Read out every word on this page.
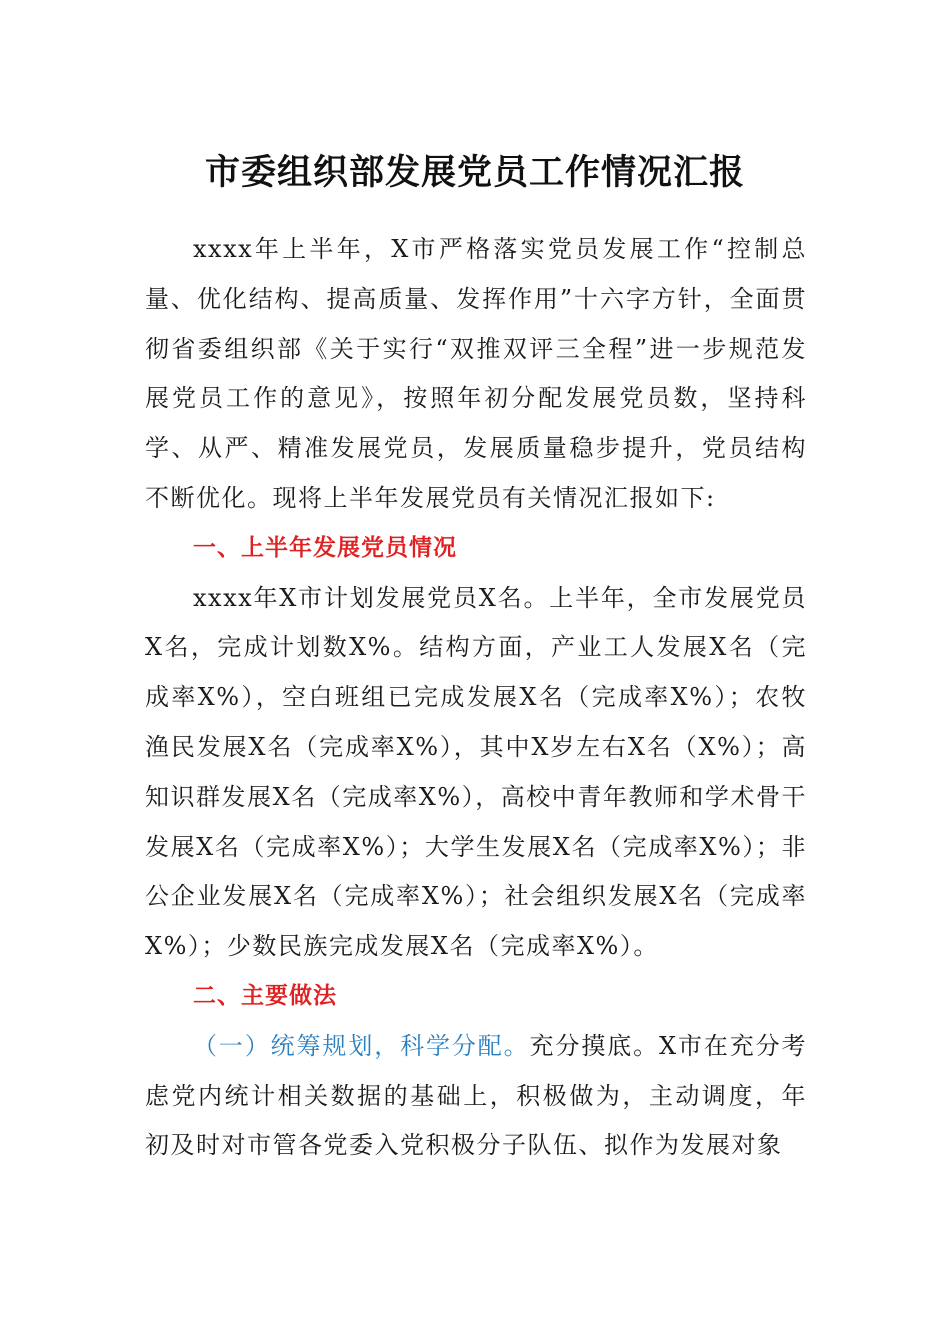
市委组织部发展党员工作情况汇报

xxxx年上半年，X市严格落实党员发展工作“控制总量、优化结构、提高质量、发挥作用”十六字方针，全面贯彻省委组织部《关于实行“双推双评三全程”进一步规范发展党员工作的意见》，按照年初分配发展党员数，坚持科学、从严、精准发展党员，发展质量稳步提升，党员结构不断优化。现将上半年发展党员有关情况汇报如下:

一、上半年发展党员情况

xxxx年X市计划发展党员X名。上半年，全市发展党员X名，完成计划数X%。结构方面，产业工人发展X名（完成率X%），空白班组已完成发展X名（完成率X%）；农牧渔民发展X名（完成率X%），其中X岁左右X名（X%）；高知识群发展X名（完成率X%），高校中青年教师和学术骨干发展X名（完成率X%）；大学生发展X名（完成率X%）；非公企业发展X名（完成率X%）；社会组织发展X名（完成率X%）；少数民族完成发展X名（完成率X%）。

二、主要做法

（一）统筹规划，科学分配。充分摸底。X市在充分考虑党内统计相关数据的基础上，积极做为，主动调度，年初及时对市管各党委入党积极分子队伍、拟作为发展对象
